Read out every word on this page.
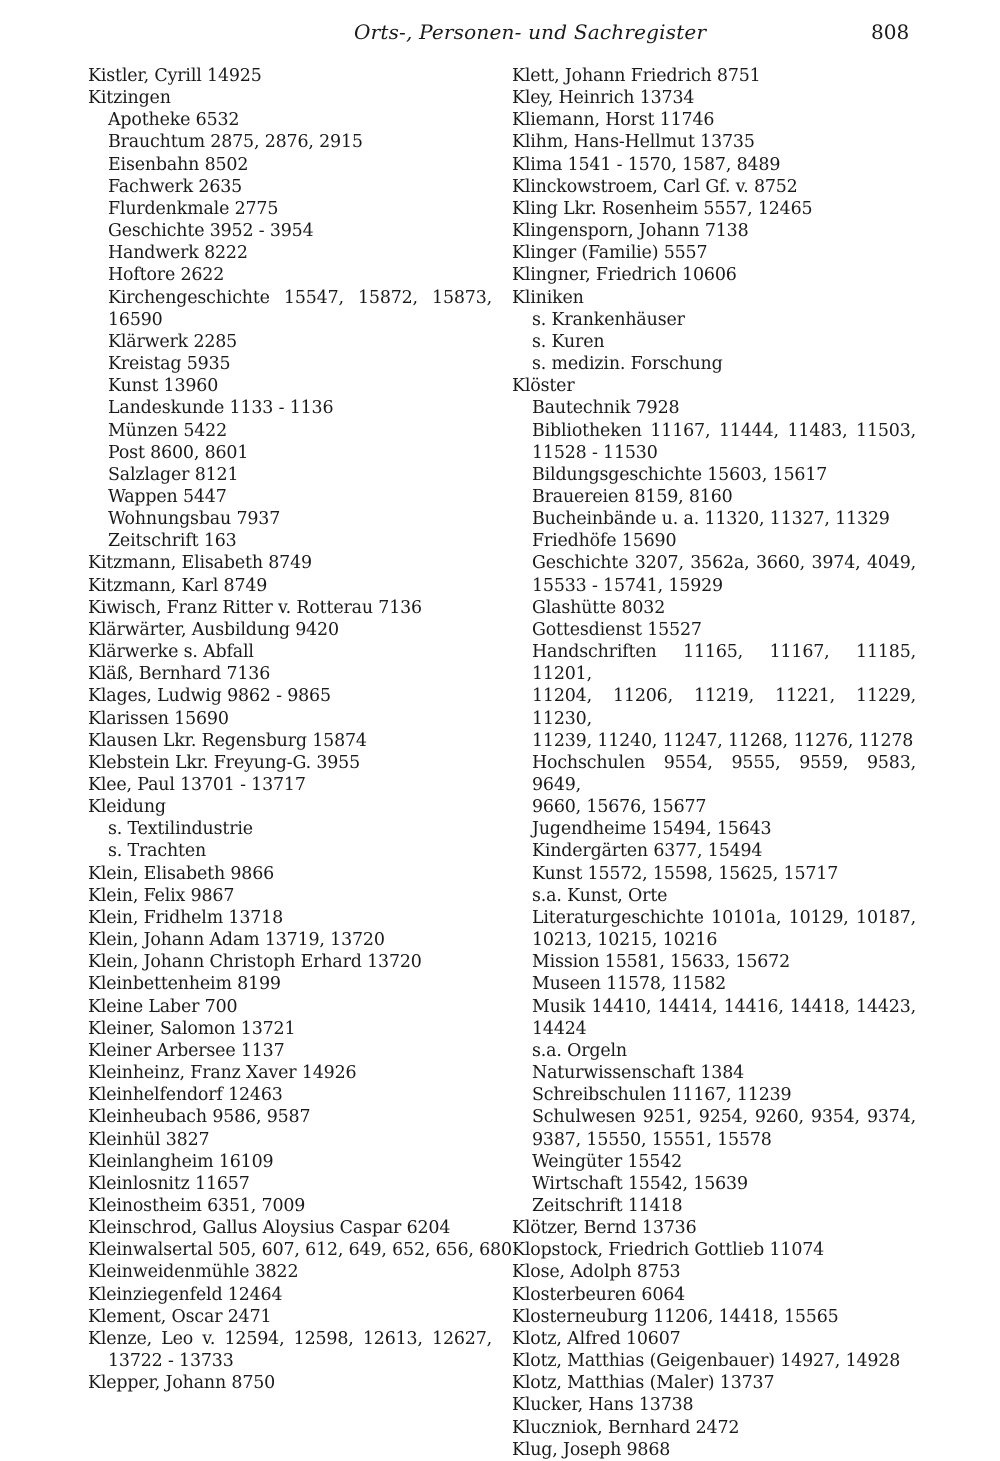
Orts-, Personen- und Sachregister	808
Kistler, Cyrill 14925
Kitzingen
Apotheke 6532
Brauchtum 2875, 2876, 2915
Eisenbahn 8502
Fachwerk 2635
Flurdenkmale 2775
Geschichte 3952 - 3954
Handwerk 8222
Hoftore 2622
Kirchengeschichte 15547, 15872, 15873,
16590
Klärwerk 2285
Kreistag 5935
Kunst 13960
Landeskunde 1133 - 1136
Münzen 5422
Post 8600, 8601
Salzlager 8121
Wappen 5447
Wohnungsbau 7937
Zeitschrift 163
Kitzmann, Elisabeth 8749
Kitzmann, Karl 8749
Kiwisch, Franz Ritter v. Rotterau 7136
Klärwärter, Ausbildung 9420
Klärwerke s. Abfall
Kläß, Bernhard 7136
Klages, Ludwig 9862 - 9865
Klarissen 15690
Klausen Lkr. Regensburg 15874
Klebstein Lkr. Freyung-G. 3955
Klee, Paul 13701 - 13717
Kleidung
s. Textilindustrie
s. Trachten
Klein, Elisabeth 9866
Klein, Felix 9867
Klein, Fridhelm 13718
Klein, Johann Adam 13719, 13720
Klein, Johann Christoph Erhard 13720
Kleinbettenheim 8199
Kleine Laber 700
Kleiner, Salomon 13721
Kleiner Arbersee 1137
Kleinheinz, Franz Xaver 14926
Kleinhelfendorf 12463
Kleinheubach 9586, 9587
Kleinhül 3827
Kleinlangheim 16109
Kleinlosnitz 11657
Kleinostheim 6351, 7009
Kleinschrod, Gallus Aloysius Caspar 6204
Kleinwalsertal 505, 607, 612, 649, 652, 656, 680
Kleinweidenmühle 3822
Kleinziegenfeld 12464
Klement, Oscar 2471
Klenze, Leo v. 12594, 12598, 12613, 12627,
13722 - 13733
Klepper, Johann 8750
Klett, Johann Friedrich 8751
Kley, Heinrich 13734
Kliemann, Horst 11746
Klihm, Hans-Hellmut 13735
Klima 1541 - 1570, 1587, 8489
Klinckowstroem, Carl Gf. v. 8752
Kling Lkr. Rosenheim 5557, 12465
Klingensporn, Johann 7138
Klinger (Familie) 5557
Klingner, Friedrich 10606
Kliniken
s. Krankenhäuser
s. Kuren
s. medizin. Forschung
Klöster
Bautechnik 7928
Bibliotheken 11167, 11444, 11483, 11503,
11528 - 11530
Bildungsgeschichte 15603, 15617
Brauereien 8159, 8160
Bucheinbände u. a. 11320, 11327, 11329
Friedhöfe 15690
Geschichte 3207, 3562a, 3660, 3974, 4049,
15533 - 15741, 15929
Glashütte 8032
Gottesdienst 15527
Handschriften 11165, 11167, 11185, 11201,
11204, 11206, 11219, 11221, 11229, 11230,
11239, 11240, 11247, 11268, 11276, 11278
Hochschulen 9554, 9555, 9559, 9583, 9649,
9660, 15676, 15677
Jugendheime 15494, 15643
Kindergärten 6377, 15494
Kunst 15572, 15598, 15625, 15717
s.a. Kunst, Orte
Literaturgeschichte 10101a, 10129, 10187,
10213, 10215, 10216
Mission 15581, 15633, 15672
Museen 11578, 11582
Musik 14410, 14414, 14416, 14418, 14423,
14424
s.a. Orgeln
Naturwissenschaft 1384
Schreibschulen 11167, 11239
Schulwesen 9251, 9254, 9260, 9354, 9374,
9387, 15550, 15551, 15578
Weingüter 15542
Wirtschaft 15542, 15639
Zeitschrift 11418
Klötzer, Bernd 13736
Klopstock, Friedrich Gottlieb 11074
Klose, Adolph 8753
Klosterbeuren 6064
Klosterneuburg 11206, 14418, 15565
Klotz, Alfred 10607
Klotz, Matthias (Geigenbauer) 14927, 14928
Klotz, Matthias (Maler) 13737
Klucker, Hans 13738
Kluczniok, Bernhard 2472
Klug, Joseph 9868
